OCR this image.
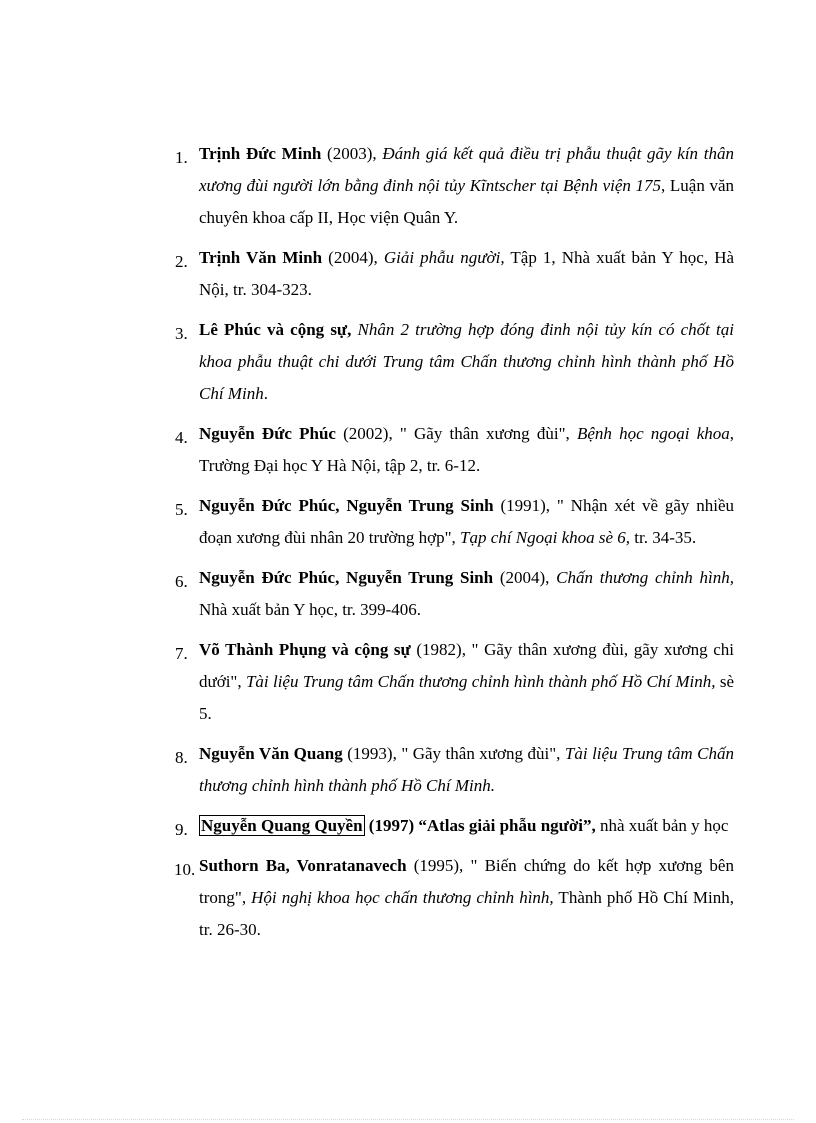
1. Trịnh Đức Minh (2003), Đánh giá kết quả điều trị phẫu thuật gãy kín thân xương đùi người lớn bằng đinh nội tủy Kĩntscher tại Bệnh viện 175, Luận văn chuyên khoa cấp II, Học viện Quân Y.
2. Trịnh Văn Minh (2004), Giải phẫu người, Tập 1, Nhà xuất bản Y học, Hà Nội, tr. 304-323.
3. Lê Phúc và cộng sự, Nhân 2 trường hợp đóng đinh nội tủy kín có chốt tại khoa phẫu thuật chi dưới Trung tâm Chấn thương chỉnh hình thành phố Hồ Chí Minh.
4. Nguyễn Đức Phúc (2002), " Gãy thân xương đùi", Bệnh học ngoại khoa, Trường Đại học Y Hà Nội, tập 2, tr. 6-12.
5. Nguyễn Đức Phúc, Nguyễn Trung Sinh (1991), " Nhận xét về gãy nhiều đoạn xương đùi nhân 20 trường hợp", Tạp chí Ngoại khoa sè 6, tr. 34-35.
6. Nguyễn Đức Phúc, Nguyễn Trung Sinh (2004), Chấn thương chỉnh hình, Nhà xuất bản Y học, tr. 399-406.
7. Võ Thành Phụng và cộng sự (1982), " Gãy thân xương đùi, gãy xương chi dưới", Tài liệu Trung tâm Chấn thương chỉnh hình thành phố Hồ Chí Minh, sè 5.
8. Nguyễn Văn Quang (1993), " Gãy thân xương đùi", Tài liệu Trung tâm Chấn thương chỉnh hình thành phố Hồ Chí Minh.
9. Nguyễn Quang Quyền (1997) “Atlas giải phẫu người”, nhà xuất bản y học
10. Suthorn Ba, Vonratanavech (1995), " Biến chứng do kết hợp xương bên trong", Hội nghị khoa học chấn thương chỉnh hình, Thành phố Hồ Chí Minh, tr. 26-30.
